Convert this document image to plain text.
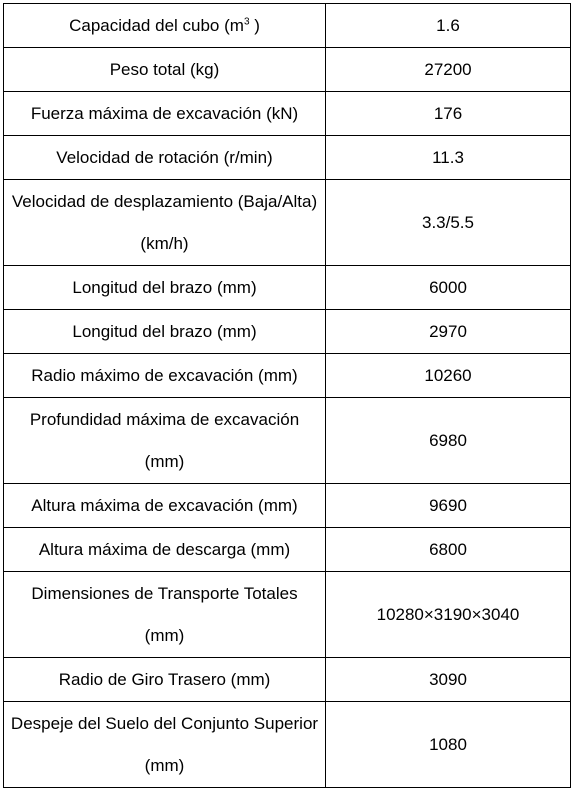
Capacidad del cubo ($m^3$ )	1.6
Peso total (kg)	27200
Fuerza máxima de excavación (kN)	176
Velocidad de rotación (r/min)	11.3
Velocidad de desplazamiento (Baja/Alta) (km/h)	3.3/5.5
Longitud del brazo (mm)	6000
Longitud del brazo (mm)	2970
Radio máximo de excavación (mm)	10260
Profundidad máxima de excavación (mm)	6980
Altura máxima de excavación (mm)	9690
Altura máxima de descarga (mm)	6800
Dimensiones de Transporte Totales (mm)	10280×3190×3040
Radio de Giro Trasero (mm)	3090
Despeje del Suelo del Conjunto Superior (mm)	1080
